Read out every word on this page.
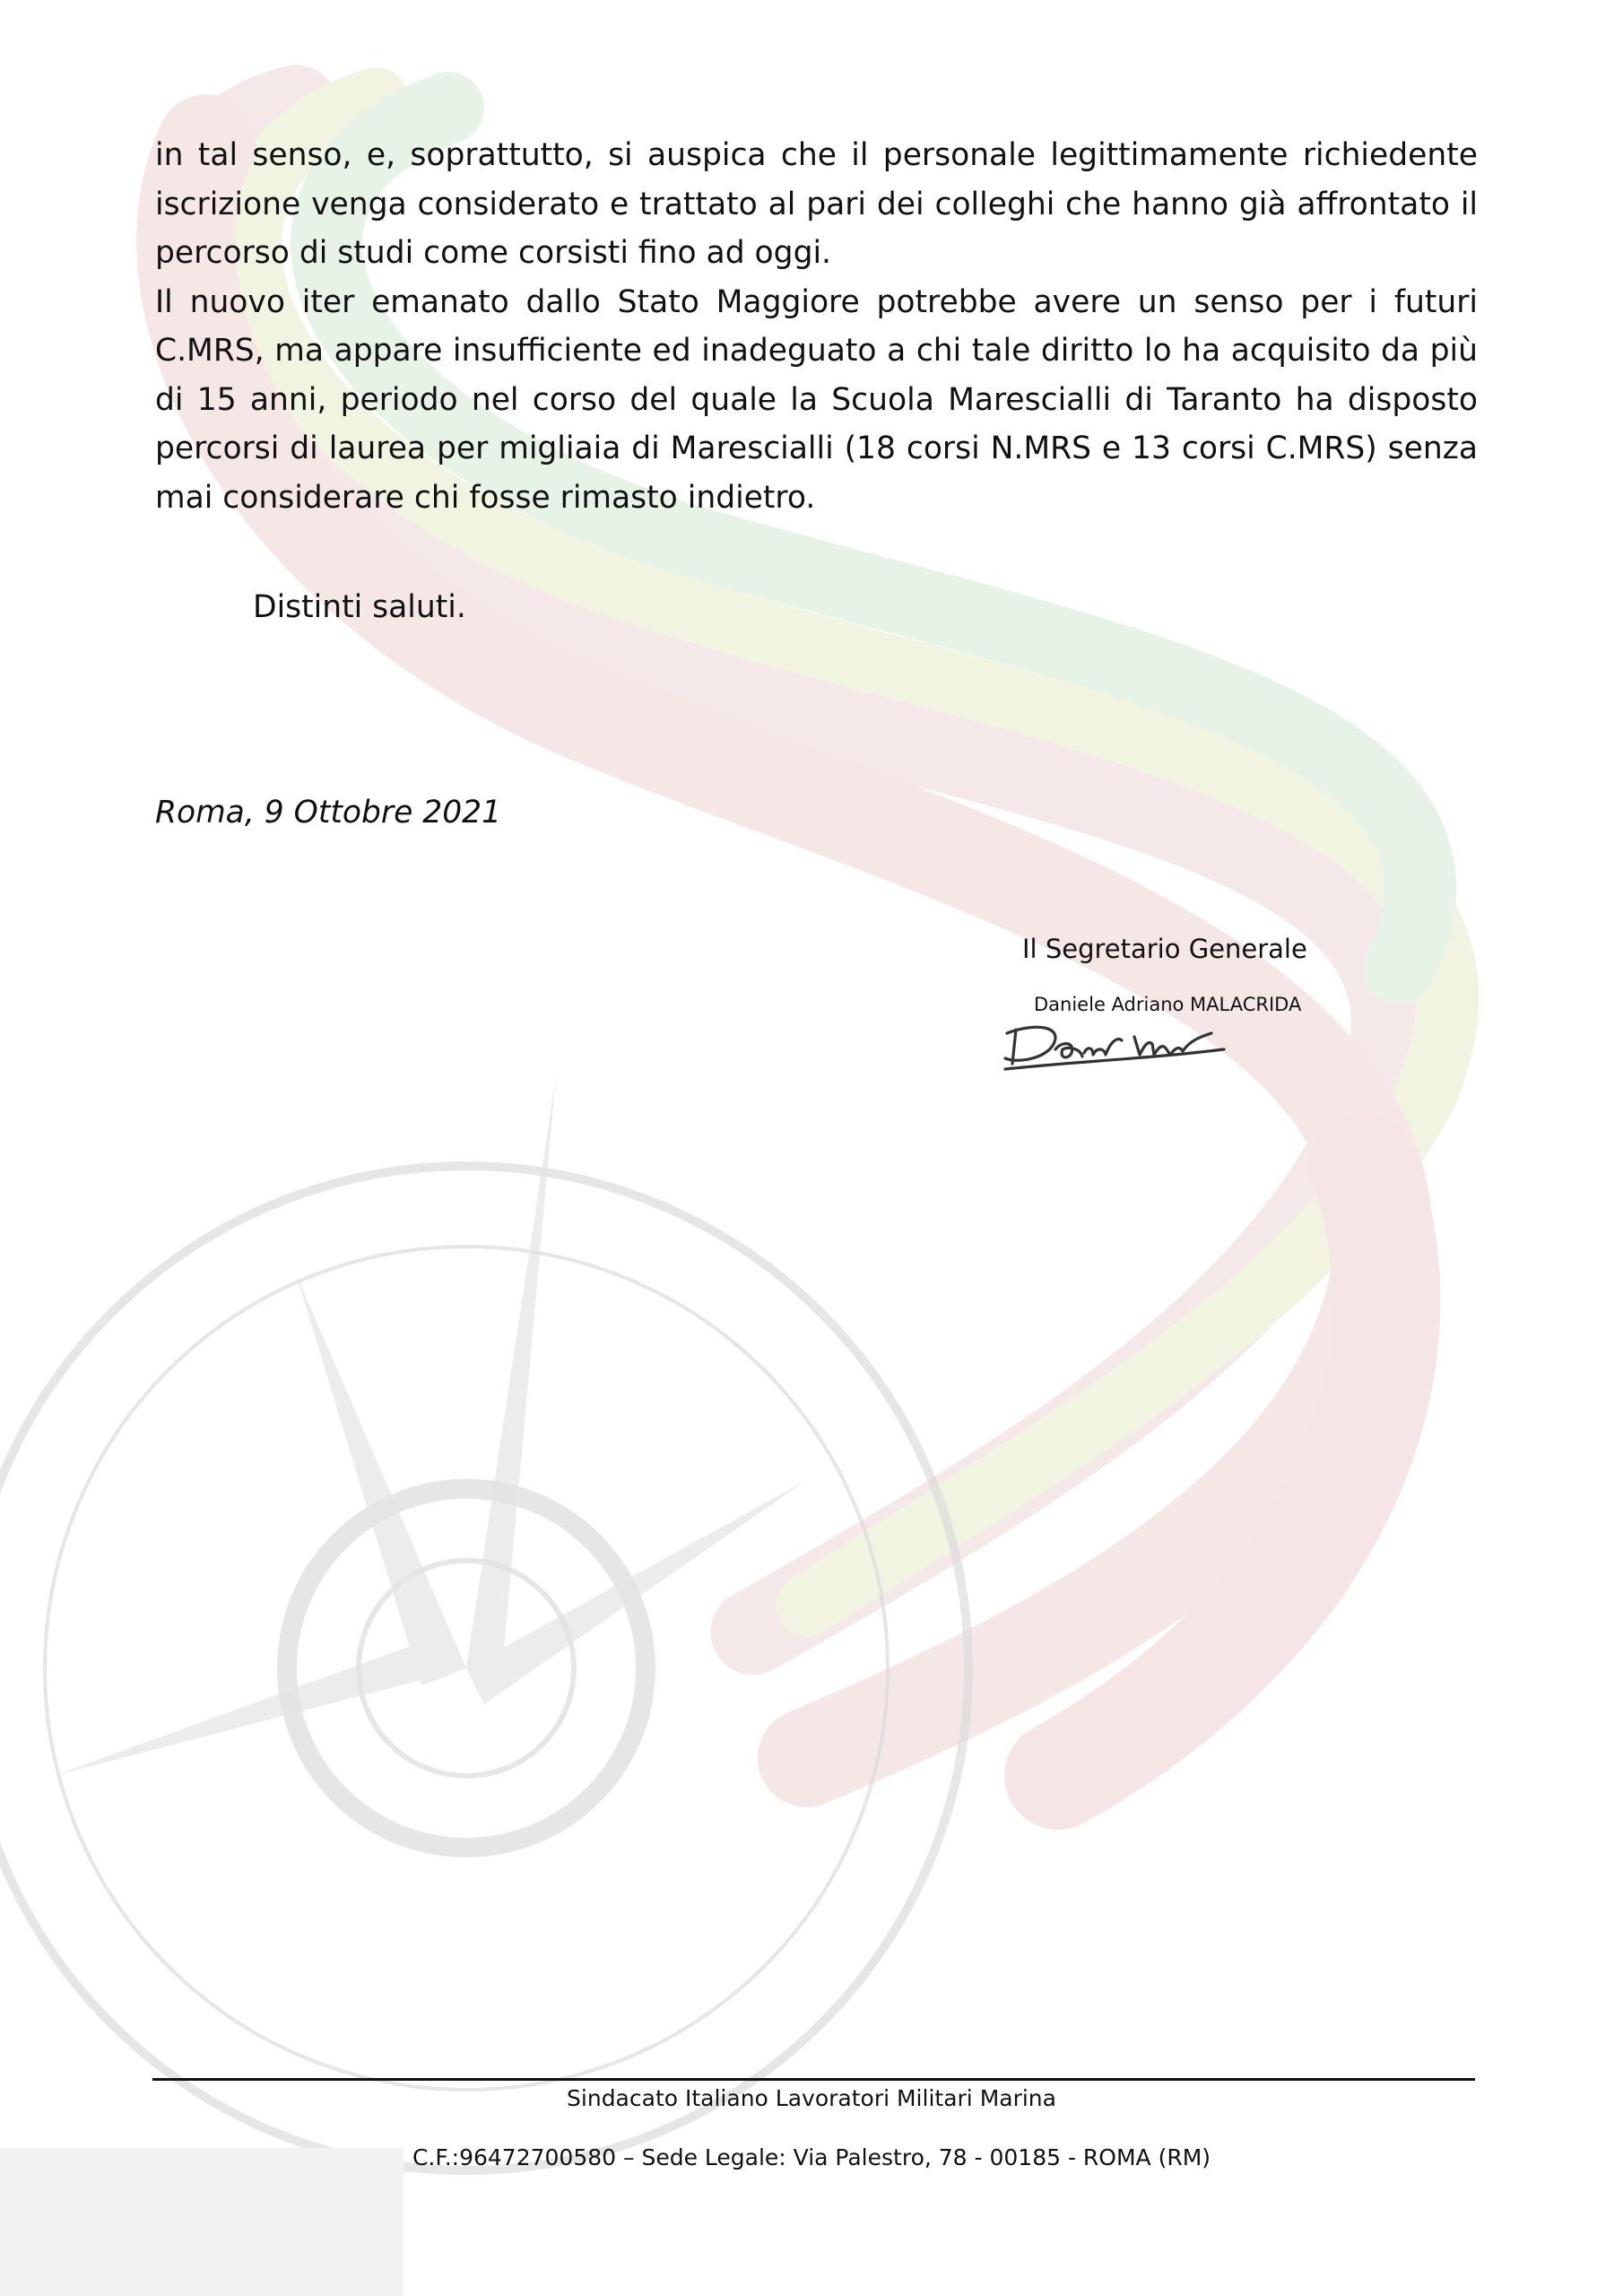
in tal senso, e, soprattutto, si auspica che il personale legittimamente richiedente

iscrizione venga considerato e trattato al pari dei colleghi che hanno già affrontato il

percorso di studi come corsisti fino ad oggi.

Il nuovo iter emanato dallo Stato Maggiore potrebbe avere un senso per i futuri

C.MRS, ma appare insufficiente ed inadeguato a chi tale diritto lo ha acquisito da più

di 15 anni, periodo nel corso del quale la Scuola Marescialli di Taranto ha disposto

percorsi di laurea per migliaia di Marescialli (18 corsi N.MRS e 13 corsi C.MRS) senza

mai considerare chi fosse rimasto indietro.

Distinti saluti.
Roma, 9 Ottobre 2021
Il Segretario Generale
Daniele Adriano MALACRIDA
Sindacato Italiano Lavoratori Militari Marina
C.F.:96472700580 – Sede Legale: Via Palestro, 78 - 00185 - ROMA (RM)
